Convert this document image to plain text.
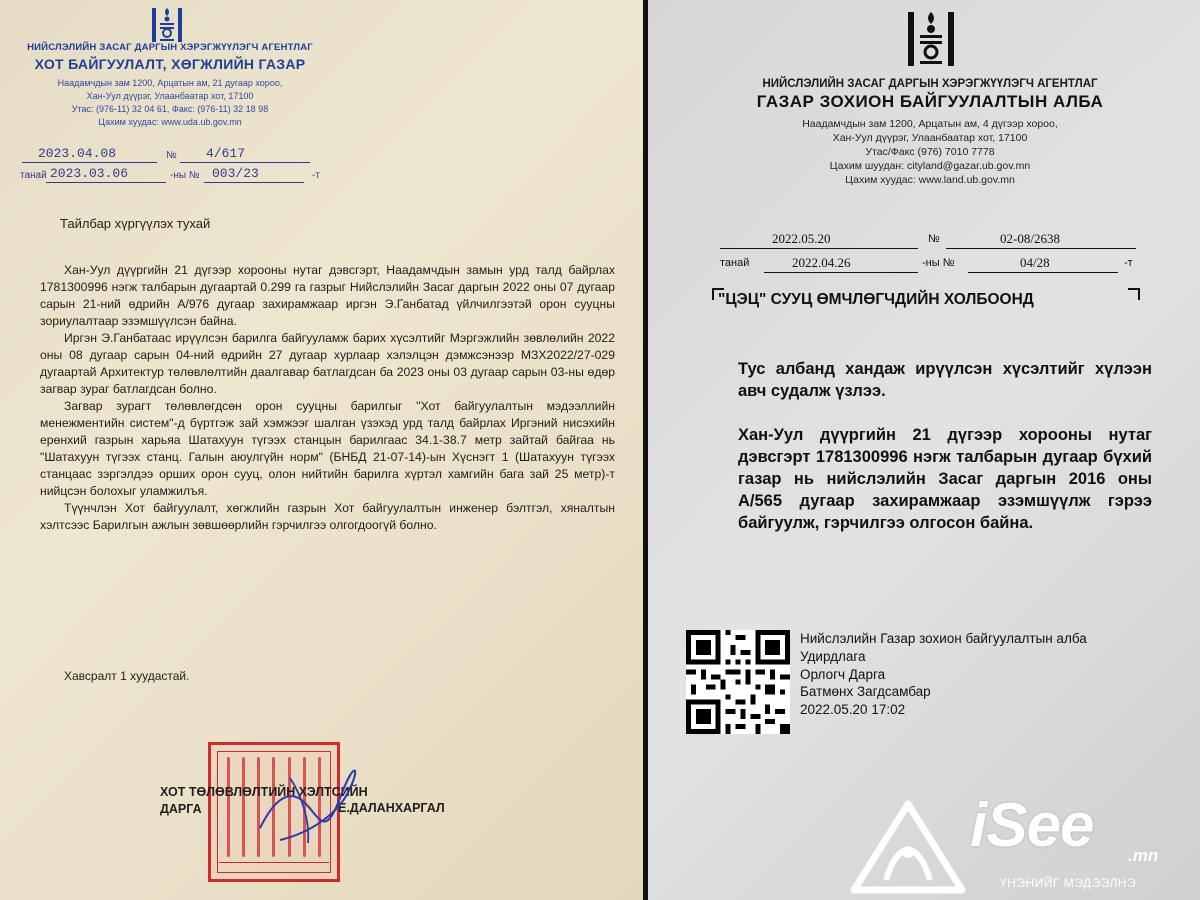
НИЙСЛЭЛИЙН ЗАСАГ ДАРГЫН ХЭРЭГЖҮҮЛЭГЧ АГЕНТЛАГ
ХОТ БАЙГУУЛАЛТ, ХӨГЖЛИЙН ГАЗАР
Наадамчдын зам 1200, Арцатын ам, 21 дугаар хороо,
Хан-Уул дүүрэг, Улаанбаатар хот, 17100
Утас: (976-11) 32 04 61, Факс: (976-11) 32 18 98
Цахим хуудас: www.uda.ub.gov.mn
2023.04.08	№ 4/617
танай 2023.03.06	-ны № 003/23	-т
Тайлбар хүргүүлэх тухай

Хан-Уул дүүргийн 21 дүгээр хорооны нутаг дэвсгэрт, Наадамчдын замын урд талд байрлах 1781300996 нэгж талбарын дугаартай 0.299 га газрыг Нийслэлийн Засаг даргын 2022 оны 07 дугаар сарын 21-ний өдрийн А/976 дугаар захирамжаар иргэн Э.Ганбатад үйлчилгээтэй орон сууцны зориулалтаар эзэмшүүлсэн байна.

Иргэн Э.Ганбатаас ирүүлсэн барилга байгууламж барих хүсэлтийг Мэргэжлийн зөвлөлийн 2022 оны 08 дугаар сарын 04-ний өдрийн 27 дугаар хурлаар хэлэлцэн дэмжсэнээр МЗХ2022/27-029 дугаартай Архитектур төлөвлөлтийн даалгавар батлагдсан ба 2023 оны 03 дугаар сарын 03-ны өдөр загвар зураг батлагдсан болно.

Загвар зурагт төлөвлөгдсөн орон сууцны барилгыг "Хот байгуулалтын мэдээллийн менежментийн систем"-д бүртгэж зай хэмжээг шалган үзэхэд урд талд байрлах Иргэний нисэхийн ерөнхий газрын харьяа Шатахуун түгээх станцын барилгаас 34.1-38.7 метр зайтай байгаа нь "Шатахуун түгээх станц. Галын аюулгүйн норм" (БНБД 21-07-14)-ын Хүснэгт 1 (Шатахуун түгээх станцаас зэргэлдээ орших орон сууц, олон нийтийн барилга хүртэл хамгийн бага зай 25 метр)-т нийцсэн болохыг уламжилъя.

Түүнчлэн Хот байгуулалт, хөгжлийн газрын Хот байгуулалтын инженер бэлтгэл, хяналтын хэлтсээс Барилгын ажлын зөвшөөрлийн гэрчилгээ олгогдоогүй болно.

Хавсралт 1 хуудастай.
ХОТ ТӨЛӨВЛӨЛТИЙН ХЭЛТСИЙН
ДАРГА	Е.ДАЛАНХАРГАЛ
НИЙСЛЭЛИЙН ЗАСАГ ДАРГЫН ХЭРЭГЖҮҮЛЭГЧ АГЕНТЛАГ
ГАЗАР ЗОХИОН БАЙГУУЛАЛТЫН АЛБА
Наадамчдын зам 1200, Арцатын ам, 4 дүгээр хороо,
Хан-Уул дүүрэг, Улаанбаатар хот, 17100
Утас/Факс (976) 7010 7778
Цахим шуудан: cityland@gazar.ub.gov.mn
Цахим хуудас: www.land.ub.gov.mn
2022.05.20	№	02-08/2638
танай	2022.04.26	-ны №	04/28	-т
"ЦЭЦ" СУУЦ ӨМЧЛӨГЧДИЙН ХОЛБООНД

Тус албанд хандаж ирүүлсэн хүсэлтийг хүлээн авч судалж үзлээ.

Хан-Уул дүүргийн 21 дүгээр хорооны нутаг дэвсгэрт 1781300996 нэгж талбарын дугаар бүхий газар нь нийслэлийн Засаг даргын 2016 оны А/565 дугаар захирамжаар эзэмшүүлж гэрээ байгуулж, гэрчилгээ олгосон байна.

Нийслэлийн Газар зохион байгуулалтын алба
Удирдлага
Орлогч Дарга
Батмөнх Загдсамбар
2022.05.20 17:02
iSee .mn
ҮНЭНИЙГ МЭДЭЭЛНЭ
